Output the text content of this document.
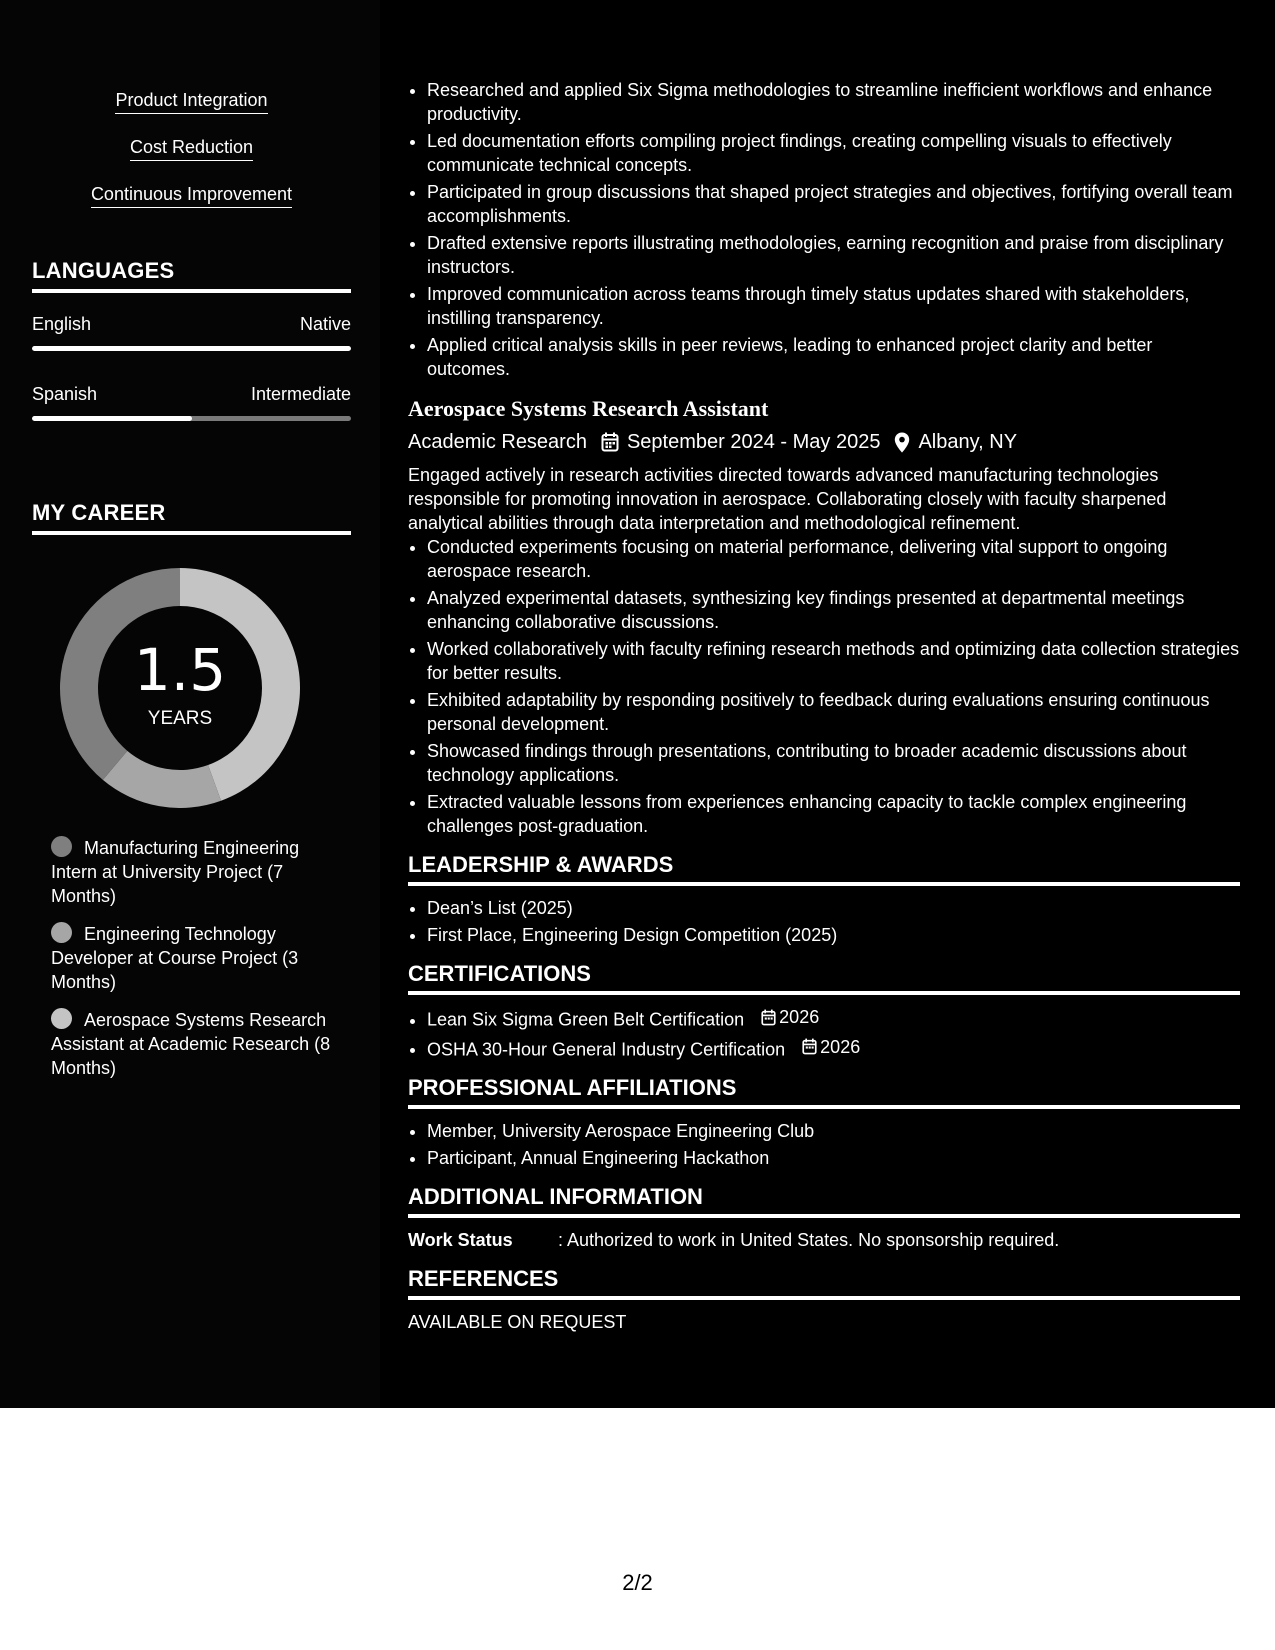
Product Integration
Cost Reduction
Continuous Improvement
LANGUAGES
English	Native
Spanish	Intermediate
MY CAREER
1.5
YEARS
Manufacturing Engineering Intern at University Project (7 Months)
Engineering Technology Developer at Course Project (3 Months)
Aerospace Systems Research Assistant at Academic Research (8 Months)
• Researched and applied Six Sigma methodologies to streamline inefficient workflows and enhance productivity.
• Led documentation efforts compiling project findings, creating compelling visuals to effectively communicate technical concepts.
• Participated in group discussions that shaped project strategies and objectives, fortifying overall team accomplishments.
• Drafted extensive reports illustrating methodologies, earning recognition and praise from disciplinary instructors.
• Improved communication across teams through timely status updates shared with stakeholders, instilling transparency.
• Applied critical analysis skills in peer reviews, leading to enhanced project clarity and better outcomes.
Aerospace Systems Research Assistant
Academic Research September 2024 - May 2025 Albany, NY

Engaged actively in research activities directed towards advanced manufacturing technologies responsible for promoting innovation in aerospace. Collaborating closely with faculty sharpened analytical abilities through data interpretation and methodological refinement.

• Conducted experiments focusing on material performance, delivering vital support to ongoing aerospace research.
• Analyzed experimental datasets, synthesizing key findings presented at departmental meetings enhancing collaborative discussions.
• Worked collaboratively with faculty refining research methods and optimizing data collection strategies for better results.
• Exhibited adaptability by responding positively to feedback during evaluations ensuring continuous personal development.
• Showcased findings through presentations, contributing to broader academic discussions about technology applications.
• Extracted valuable lessons from experiences enhancing capacity to tackle complex engineering challenges post-graduation.
LEADERSHIP & AWARDS
• Dean’s List (2025)
• First Place, Engineering Design Competition (2025)
CERTIFICATIONS
• Lean Six Sigma Green Belt Certification 2026
• OSHA 30-Hour General Industry Certification 2026
PROFESSIONAL AFFILIATIONS
• Member, University Aerospace Engineering Club
• Participant, Annual Engineering Hackathon
ADDITIONAL INFORMATION
Work Status	: Authorized to work in United States. No sponsorship required.
REFERENCES
AVAILABLE ON REQUEST
2/2
